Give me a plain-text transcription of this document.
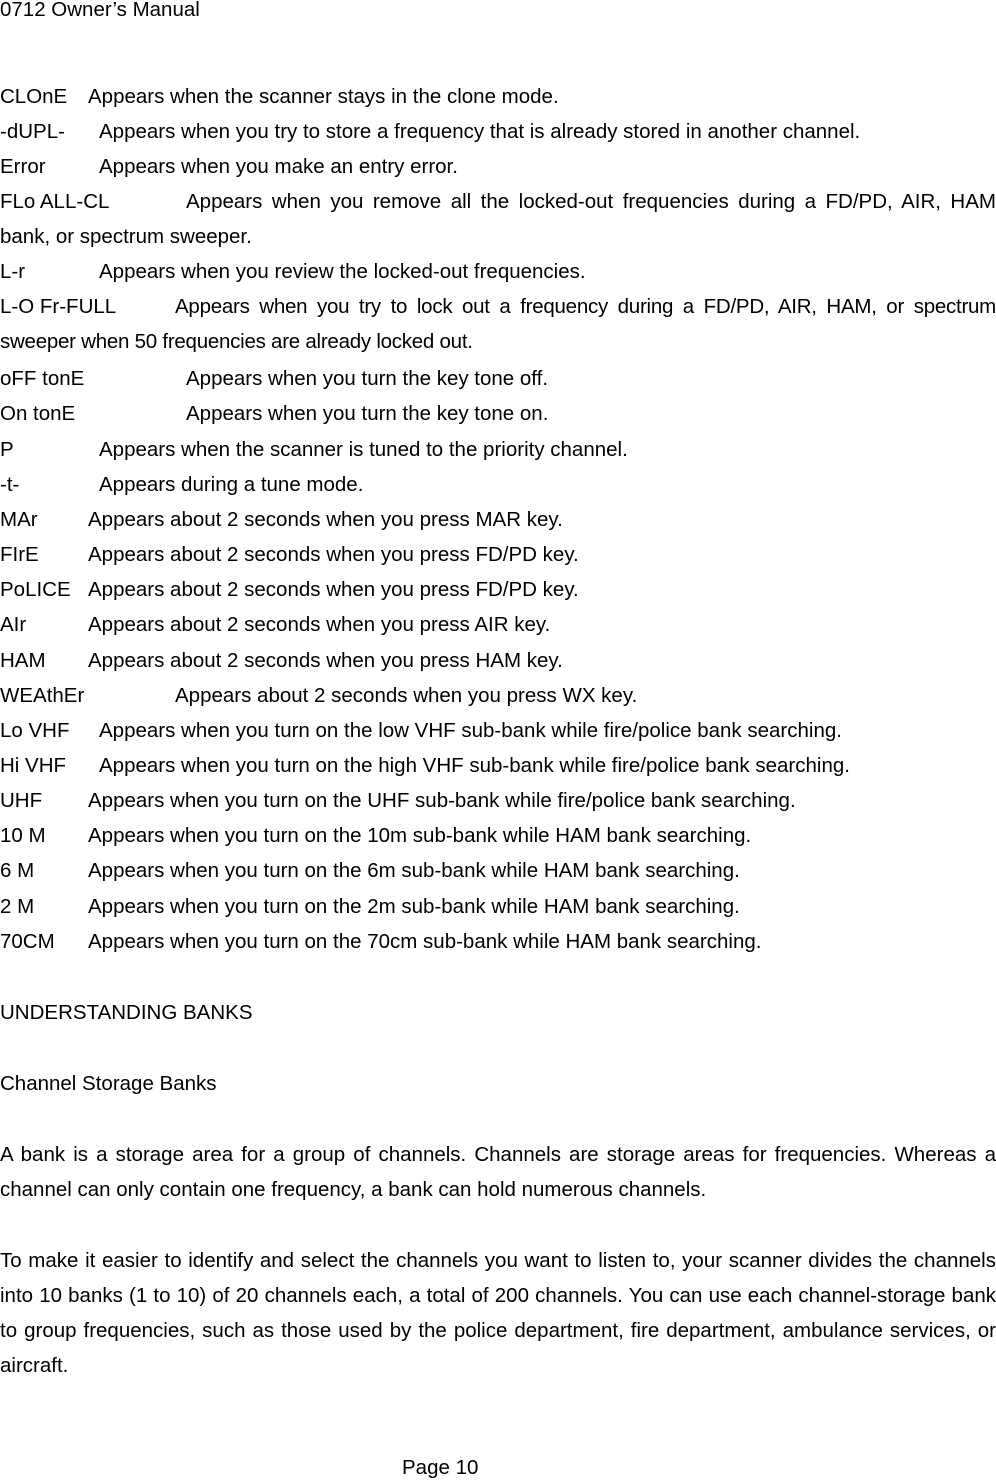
0712 Owner’s Manual
CLOnE Appears when the scanner stays in the clone mode.
-dUPL- Appears when you try to store a frequency that is already stored in another channel.
Error	Appears when you make an entry error.
FLo ALL-CL	Appears when you remove all the locked-out frequencies during a FD/PD, AIR, HAM bank, or spectrum sweeper.
L-r	Appears when you review the locked-out frequencies.
L-O Fr-FULL	Appears when you try to lock out a frequency during a FD/PD, AIR, HAM, or spectrum sweeper when 50 frequencies are already locked out.
oFF tonE	Appears when you turn the key tone off.
On tonE	Appears when you turn the key tone on.
P	Appears when the scanner is tuned to the priority channel.
-t-	Appears during a tune mode.
MAr Appears about 2 seconds when you press MAR key.
FIrE Appears about 2 seconds when you press FD/PD key.
PoLICE Appears about 2 seconds when you press FD/PD key.
AIr	Appears about 2 seconds when you press AIR key.
HAM Appears about 2 seconds when you press HAM key.
WEAthEr	Appears about 2 seconds when you press WX key.
Lo VHF Appears when you turn on the low VHF sub-bank while fire/police bank searching.
Hi VHF Appears when you turn on the high VHF sub-bank while fire/police bank searching.
UHF Appears when you turn on the UHF sub-bank while fire/police bank searching.
10 M Appears when you turn on the 10m sub-bank while HAM bank searching.
6 M	Appears when you turn on the 6m sub-bank while HAM bank searching.
2 M	Appears when you turn on the 2m sub-bank while HAM bank searching.
70CM Appears when you turn on the 70cm sub-bank while HAM bank searching.
UNDERSTANDING BANKS
Channel Storage Banks
A bank is a storage area for a group of channels. Channels are storage areas for frequencies. Whereas a channel can only contain one frequency, a bank can hold numerous channels.
To make it easier to identify and select the channels you want to listen to, your scanner divides the channels into 10 banks (1 to 10) of 20 channels each, a total of 200 channels. You can use each channel-storage bank to group frequencies, such as those used by the police department, fire department, ambulance services, or aircraft.
Page 10
